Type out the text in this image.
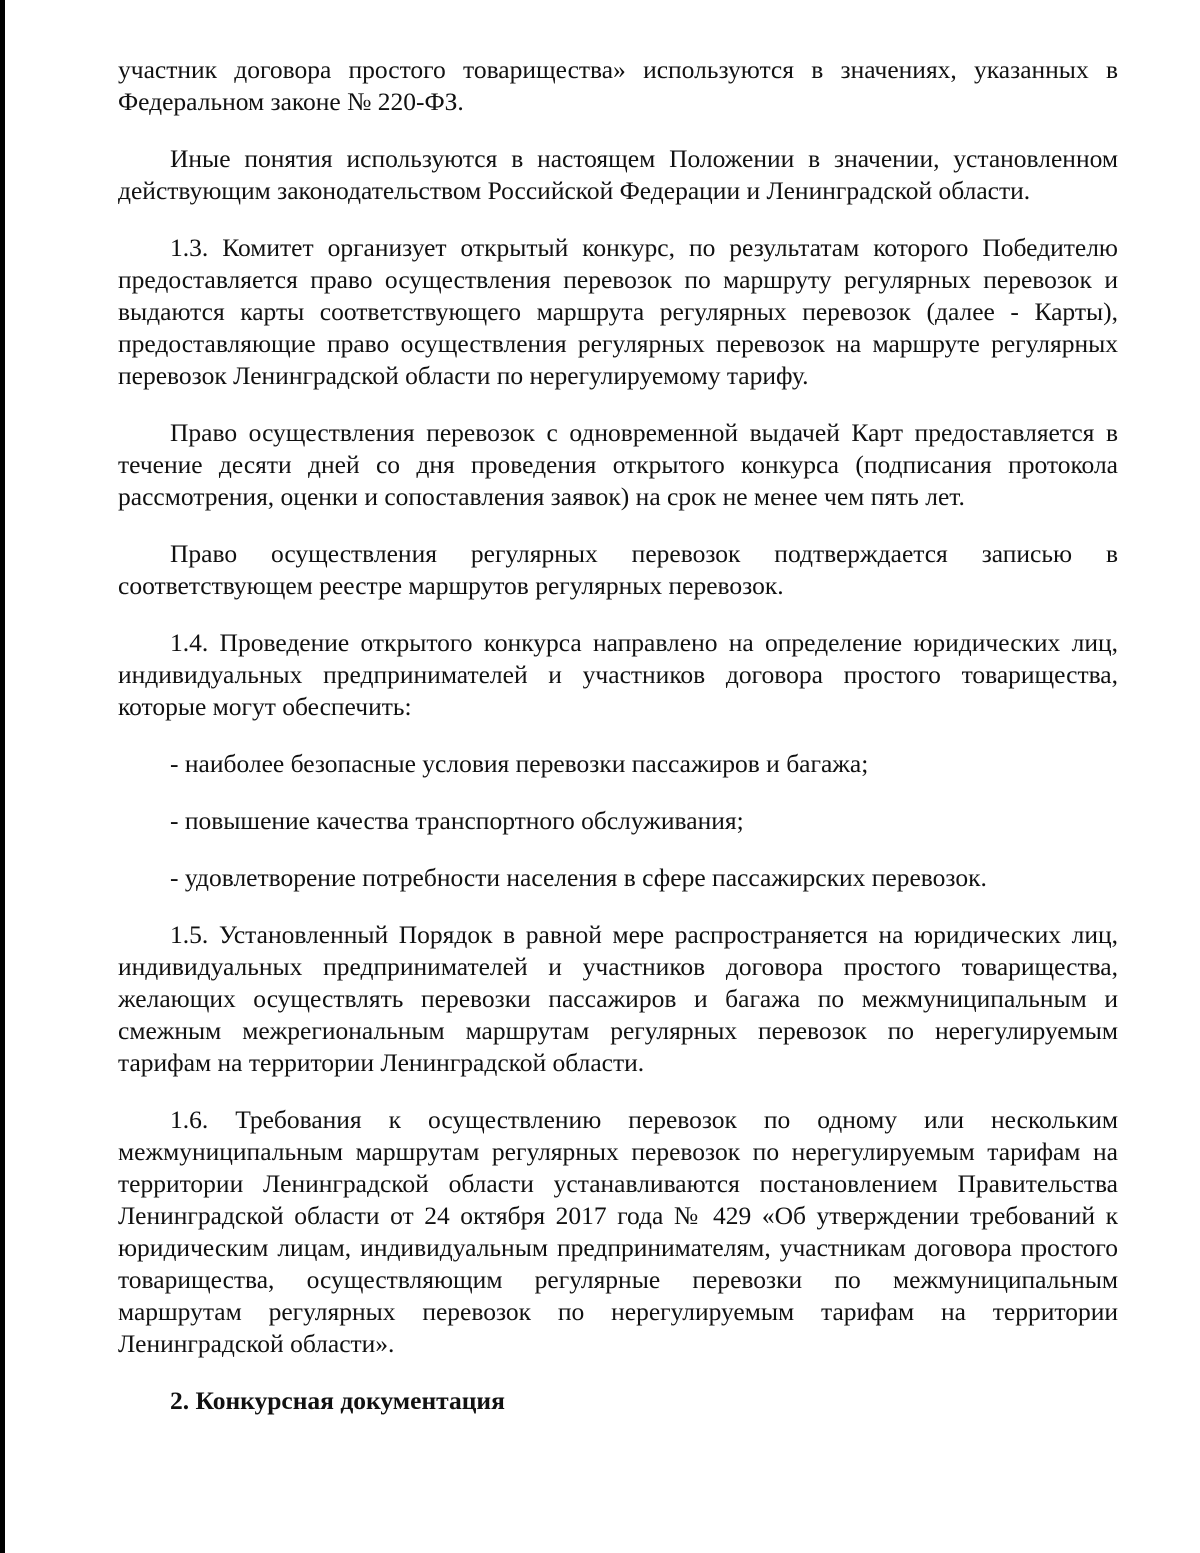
участник договора простого товарищества» используются в значениях, указанных в Федеральном законе № 220-ФЗ.

Иные понятия используются в настоящем Положении в значении, установленном действующим законодательством Российской Федерации и Ленинградской области.

1.3. Комитет организует открытый конкурс, по результатам которого Победителю предоставляется право осуществления перевозок по маршруту регулярных перевозок и выдаются карты соответствующего маршрута регулярных перевозок (далее - Карты), предоставляющие право осуществления регулярных перевозок на маршруте регулярных перевозок Ленинградской области по нерегулируемому тарифу.

Право осуществления перевозок с одновременной выдачей Карт предоставляется в течение десяти дней со дня проведения открытого конкурса (подписания протокола рассмотрения, оценки и сопоставления заявок) на срок не менее чем пять лет.

Право осуществления регулярных перевозок подтверждается записью в соответствующем реестре маршрутов регулярных перевозок.

1.4. Проведение открытого конкурса направлено на определение юридических лиц, индивидуальных предпринимателей и участников договора простого товарищества, которые могут обеспечить:

- наиболее безопасные условия перевозки пассажиров и багажа;

- повышение качества транспортного обслуживания;

- удовлетворение потребности населения в сфере пассажирских перевозок.

1.5. Установленный Порядок в равной мере распространяется на юридических лиц, индивидуальных предпринимателей и участников договора простого товарищества, желающих осуществлять перевозки пассажиров и багажа по межмуниципальным и смежным межрегиональным маршрутам регулярных перевозок по нерегулируемым тарифам на территории Ленинградской области.

1.6. Требования к осуществлению перевозок по одному или нескольким межмуниципальным маршрутам регулярных перевозок по нерегулируемым тарифам на территории Ленинградской области устанавливаются постановлением Правительства Ленинградской области от 24 октября 2017 года № 429 «Об утверждении требований к юридическим лицам, индивидуальным предпринимателям, участникам договора простого товарищества, осуществляющим регулярные перевозки по межмуниципальным маршрутам регулярных перевозок по нерегулируемым тарифам на территории Ленинградской области».

2. Конкурсная документация
